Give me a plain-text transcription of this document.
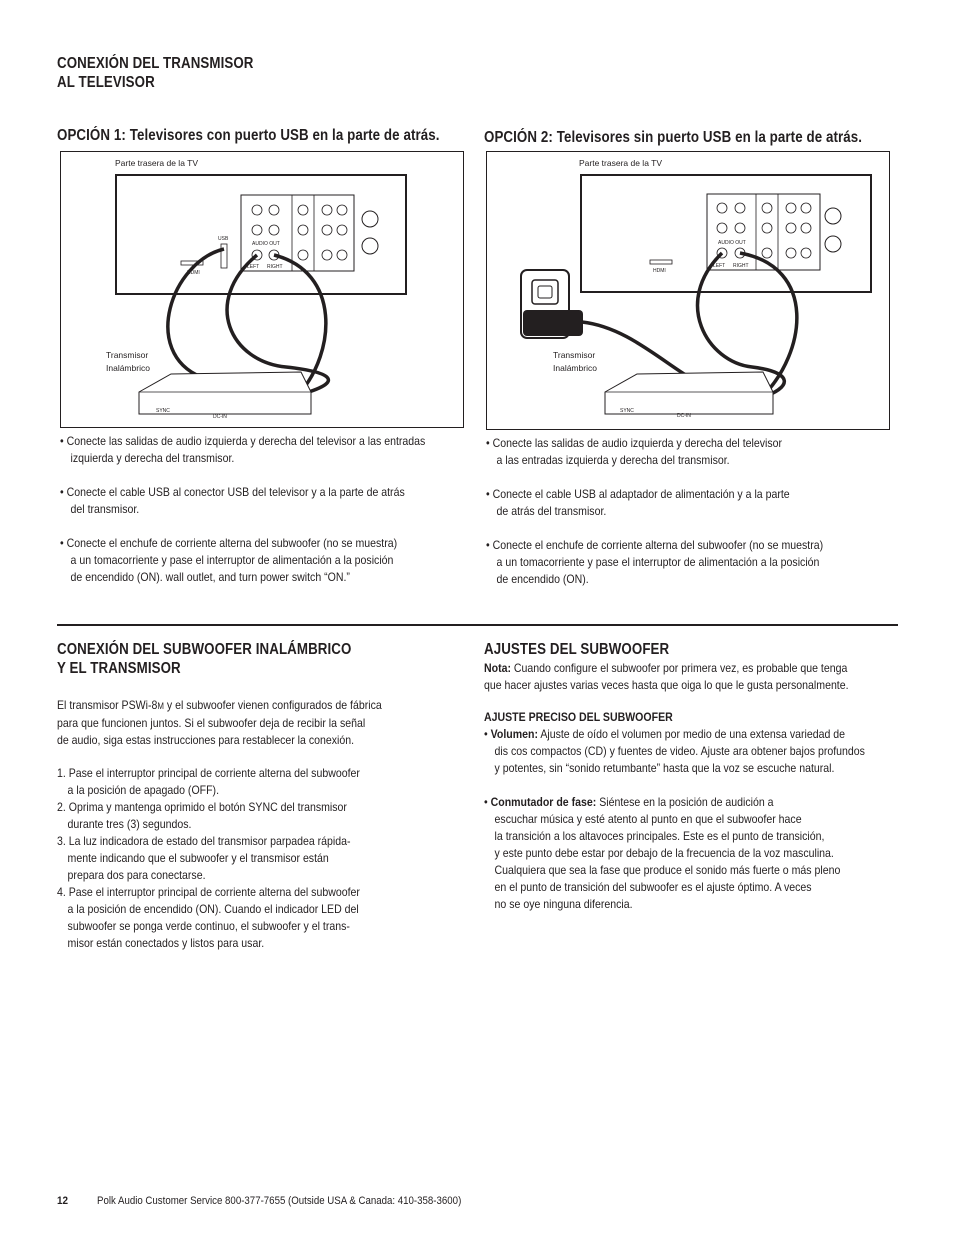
CONEXIÓN DEL TRANSMISOR
AL TELEVISOR
OPCIÓN 1: Televisores con puerto USB en la parte de atrás.	OPCIÓN 2: Televisores sin puerto USB en la parte de atrás.
Parte trasera de la TV
AUDIO OUT
LEFT RIGHT
HDMI
USB
Transmisor
Inalámbrico
SYNC
DC-IN
Parte trasera de la TV
AUDIO OUT
LEFT RIGHT
HDMI
Transmisor
Inalámbrico
SYNC
DC-IN
• Conecte las salidas de audio izquierda y derecha del televisor a las entradas
izquierda y derecha del transmisor.
• Conecte el cable USB al conector USB del televisor y a la parte de atrás
del transmisor.
• Conecte el enchufe de corriente alterna del subwoofer (no se muestra)
a un tomacorriente y pase el interruptor de alimentación a la posición
de encendido (ON). wall outlet, and turn power switch “ON.”
• Conecte las salidas de audio izquierda y derecha del televisor
a las entradas izquierda y derecha del transmisor.
• Conecte el cable USB al adaptador de alimentación y a la parte
de atrás del transmisor.
• Conecte el enchufe de corriente alterna del subwoofer (no se muestra)
a un tomacorriente y pase el interruptor de alimentación a la posición
de encendido (ON).
CONEXIÓN DEL SUBWOOFER INALÁMBRICO
Y EL TRANSMISOR
El transmisor PSWi-8M y el subwoofer vienen configurados de fábrica
para que funcionen juntos. Si el subwoofer deja de recibir la señal
de audio, siga estas instrucciones para restablecer la conexión.
1. Pase el interruptor principal de corriente alterna del subwoofer
a la posición de apagado (OFF).
2. Oprima y mantenga oprimido el botón SYNC del transmisor
durante tres (3) segundos.
3. La luz indicadora de estado del transmisor parpadea rápida-
mente indicando que el subwoofer y el transmisor están
prepara dos para conectarse.
4. Pase el interruptor principal de corriente alterna del subwoofer
a la posición de encendido (ON). Cuando el indicador LED del
subwoofer se ponga verde continuo, el subwoofer y el trans-
misor están conectados y listos para usar.
AJUSTES DEL SUBWOOFER
Nota: Cuando configure el subwoofer por primera vez, es probable que tenga
que hacer ajustes varias veces hasta que oiga lo que le gusta personalmente.
AJUSTE PRECISO DEL SUBWOOFER
• Volumen: Ajuste de oído el volumen por medio de una extensa variedad de
dis cos compactos (CD) y fuentes de video. Ajuste ara obtener bajos profundos
y potentes, sin “sonido retumbante” hasta que la voz se escuche natural.
• Conmutador de fase: Siéntese en la posición de audición a
escuchar música y esté atento al punto en que el subwoofer hace
la transición a los altavoces principales. Este es el punto de transición,
y este punto debe estar por debajo de la frecuencia de la voz masculina.
Cualquiera que sea la fase que produce el sonido más fuerte o más pleno
en el punto de transición del subwoofer es el ajuste óptimo. A veces
no se oye ninguna diferencia.
12	Polk Audio Customer Service 800-377-7655 (Outside USA & Canada: 410-358-3600)
